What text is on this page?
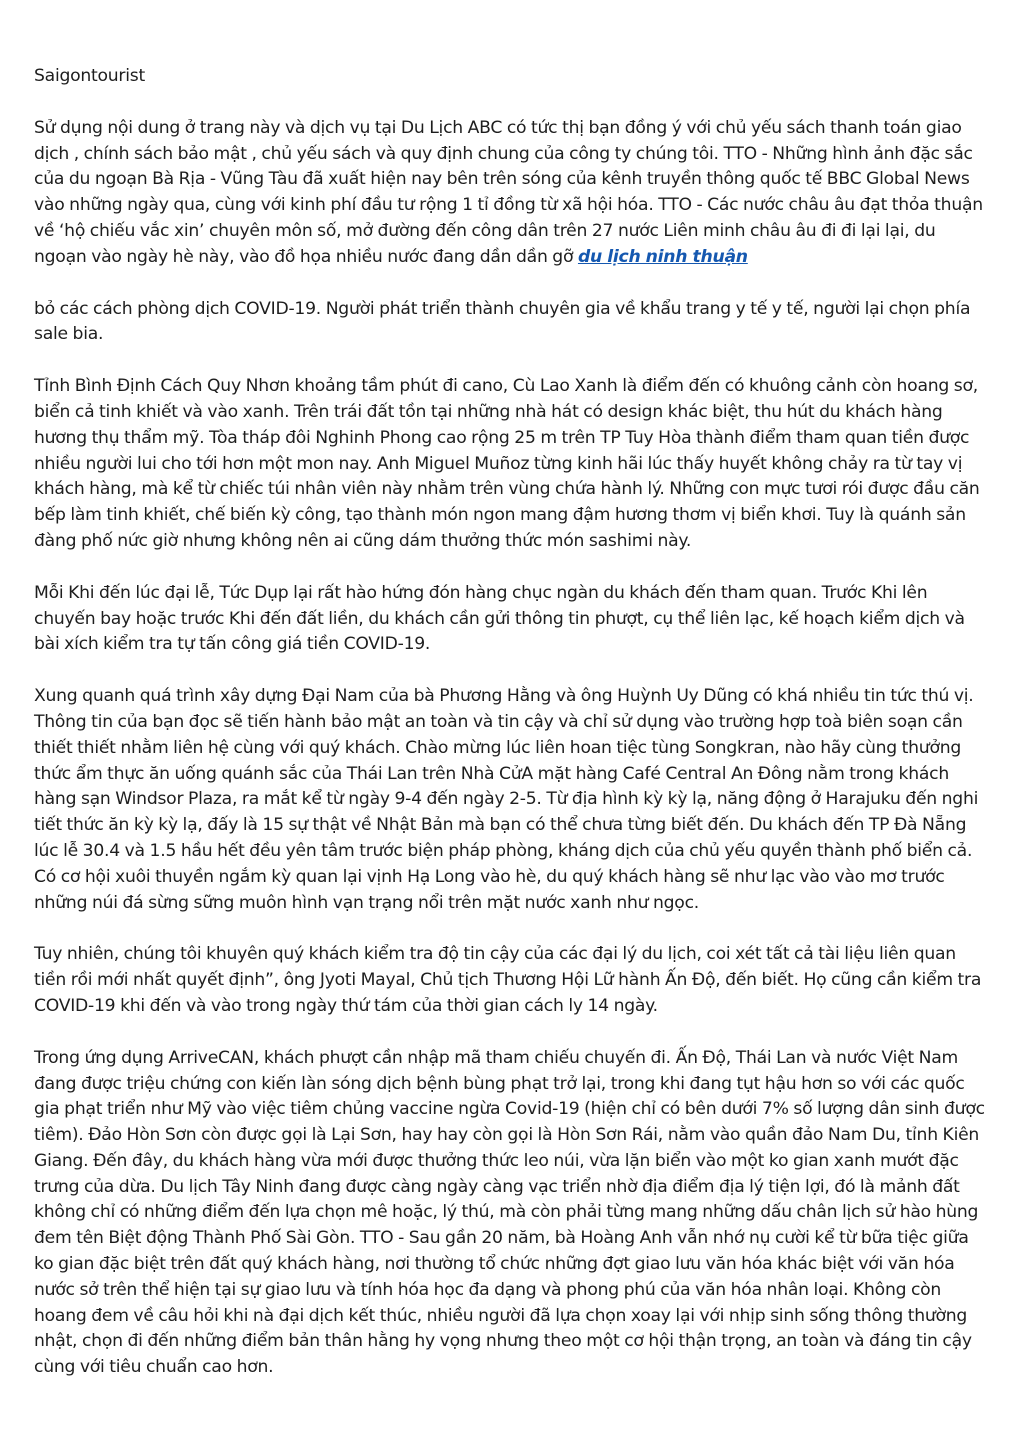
Saigontourist

Sử dụng nội dung ở trang này và dịch vụ tại Du Lịch ABC có tức thị bạn đồng ý với chủ yếu sách thanh toán giao dịch , chính sách bảo mật , chủ yếu sách và quy định chung của công ty chúng tôi. TTO - Những hình ảnh đặc sắc của du ngoạn Bà Rịa - Vũng Tàu đã xuất hiện nay bên trên sóng của kênh truyền thông quốc tế BBC Global News vào những ngày qua, cùng với kinh phí đầu tư rộng 1 tỉ đồng từ xã hội hóa. TTO - Các nước châu âu đạt thỏa thuận về ‘hộ chiếu vắc xin’ chuyên môn số, mở đường đến công dân trên 27 nước Liên minh châu âu đi đi lại lại, du ngoạn vào ngày hè này, vào đồ họa nhiều nước đang dần dần gỡ du lịch ninh thuận

bỏ các cách phòng dịch COVID-19. Người phát triển thành chuyên gia về khẩu trang y tế y tế, người lại chọn phía sale bia.

Tỉnh Bình Định Cách Quy Nhơn khoảng tầm phút đi cano, Cù Lao Xanh là điểm đến có khuông cảnh còn hoang sơ, biển cả tinh khiết và vào xanh. Trên trái đất tồn tại những nhà hát có design khác biệt, thu hút du khách hàng hương thụ thẩm mỹ. Tòa tháp đôi Nghinh Phong cao rộng 25 m trên TP Tuy Hòa thành điểm tham quan tiền được nhiều người lui cho tới hơn một mon nay. Anh Miguel Muñoz từng kinh hãi lúc thấy huyết không chảy ra từ tay vị khách hàng, mà kể từ chiếc túi nhân viên này nhằm trên vùng chứa hành lý. Những con mực tươi rói được đầu căn bếp làm tinh khiết, chế biến kỳ công, tạo thành món ngon mang đậm hương thơm vị biển khơi. Tuy là quánh sản đàng phố nức giờ nhưng không nên ai cũng dám thưởng thức món sashimi này.

Mỗi Khi đến lúc đại lễ, Tức Dụp lại rất hào hứng đón hàng chục ngàn du khách đến tham quan. Trước Khi lên chuyến bay hoặc trước Khi đến đất liền, du khách cần gửi thông tin phượt, cụ thể liên lạc, kế hoạch kiểm dịch và bài xích kiểm tra tự tấn công giá tiền COVID-19.

Xung quanh quá trình xây dựng Đại Nam của bà Phương Hằng và ông Huỳnh Uy Dũng có khá nhiều tin tức thú vị. Thông tin của bạn đọc sẽ tiến hành bảo mật an toàn và tin cậy và chỉ sử dụng vào trường hợp toà biên soạn cần thiết thiết nhằm liên hệ cùng với quý khách. Chào mừng lúc liên hoan tiệc tùng Songkran, nào hãy cùng thưởng thức ẩm thực ăn uống quánh sắc của Thái Lan trên Nhà CửA mặt hàng Café Central An Đông nằm trong khách hàng sạn Windsor Plaza, ra mắt kể từ ngày 9-4 đến ngày 2-5. Từ địa hình kỳ kỳ lạ, năng động ở Harajuku đến nghi tiết thức ăn kỳ kỳ lạ, đấy là 15 sự thật về Nhật Bản mà bạn có thể chưa từng biết đến. Du khách đến TP Đà Nẵng lúc lễ 30.4 và 1.5 hầu hết đều yên tâm trước biện pháp phòng, kháng dịch của chủ yếu quyền thành phố biển cả. Có cơ hội xuôi thuyền ngắm kỳ quan lại vịnh Hạ Long vào hè, du quý khách hàng sẽ như lạc vào vào mơ trước những núi đá sừng sững muôn hình vạn trạng nổi trên mặt nước xanh như ngọc.

Tuy nhiên, chúng tôi khuyên quý khách kiểm tra độ tin cậy của các đại lý du lịch, coi xét tất cả tài liệu liên quan tiền rồi mới nhất quyết định”, ông Jyoti Mayal, Chủ tịch Thương Hội Lữ hành Ấn Độ, đến biết. Họ cũng cần kiểm tra COVID-19 khi đến và vào trong ngày thứ tám của thời gian cách ly 14 ngày.

Trong ứng dụng ArriveCAN, khách phượt cần nhập mã tham chiếu chuyến đi. Ấn Độ, Thái Lan và nước Việt Nam đang được triệu chứng con kiến làn sóng dịch bệnh bùng phạt trở lại, trong khi đang tụt hậu hơn so với các quốc gia phạt triển như Mỹ vào việc tiêm chủng vaccine ngừa Covid-19 (hiện chỉ có bên dưới 7% số lượng dân sinh được tiêm). Đảo Hòn Sơn còn được gọi là Lại Sơn, hay hay còn gọi là Hòn Sơn Rái, nằm vào quần đảo Nam Du, tỉnh Kiên Giang. Đến đây, du khách hàng vừa mới được thưởng thức leo núi, vừa lặn biển vào một ko gian xanh mướt đặc trưng của dừa. Du lịch Tây Ninh đang được càng ngày càng vạc triển nhờ địa điểm địa lý tiện lợi, đó là mảnh đất không chỉ có những điểm đến lựa chọn mê hoặc, lý thú, mà còn phải từng mang những dấu chân lịch sử hào hùng đem tên Biệt động Thành Phố Sài Gòn. TTO - Sau gần 20 năm, bà Hoàng Anh vẫn nhớ nụ cười kể từ bữa tiệc giữa ko gian đặc biệt trên đất quý khách hàng, nơi thường tổ chức những đợt giao lưu văn hóa khác biệt với văn hóa nước sở trên thể hiện tại sự giao lưu và tính hóa học đa dạng và phong phú của văn hóa nhân loại. Không còn hoang đem về câu hỏi khi nà đại dịch kết thúc, nhiều người đã lựa chọn xoay lại với nhịp sinh sống thông thường nhật, chọn đi đến những điểm bản thân hằng hy vọng nhưng theo một cơ hội thận trọng, an toàn và đáng tin cậy cùng với tiêu chuẩn cao hơn.
